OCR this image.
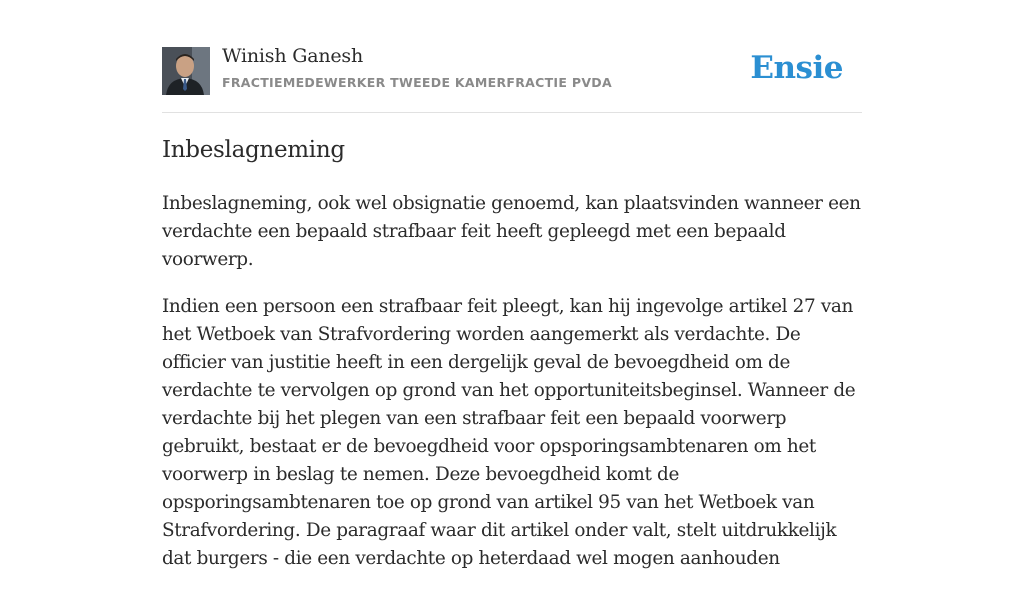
Winish Ganesh
FRACTIEMEDEWERKER TWEEDE KAMERFRACTIE PVDA	Ensie
Inbeslagneming

Inbeslagneming, ook wel obsignatie genoemd, kan plaatsvinden wanneer een verdachte een bepaald strafbaar feit heeft gepleegd met een bepaald voorwerp.

Indien een persoon een strafbaar feit pleegt, kan hij ingevolge artikel 27 van het Wetboek van Strafvordering worden aangemerkt als verdachte. De officier van justitie heeft in een dergelijk geval de bevoegdheid om de verdachte te vervolgen op grond van het opportuniteitsbeginsel. Wanneer de verdachte bij het plegen van een strafbaar feit een bepaald voorwerp gebruikt, bestaat er de bevoegdheid voor opsporingsambtenaren om het voorwerp in beslag te nemen. Deze bevoegdheid komt de opsporingsambtenaren toe op grond van artikel 95 van het Wetboek van Strafvordering. De paragraaf waar dit artikel onder valt, stelt uitdrukkelijk dat burgers - die een verdachte op heterdaad wel mogen aanhouden
